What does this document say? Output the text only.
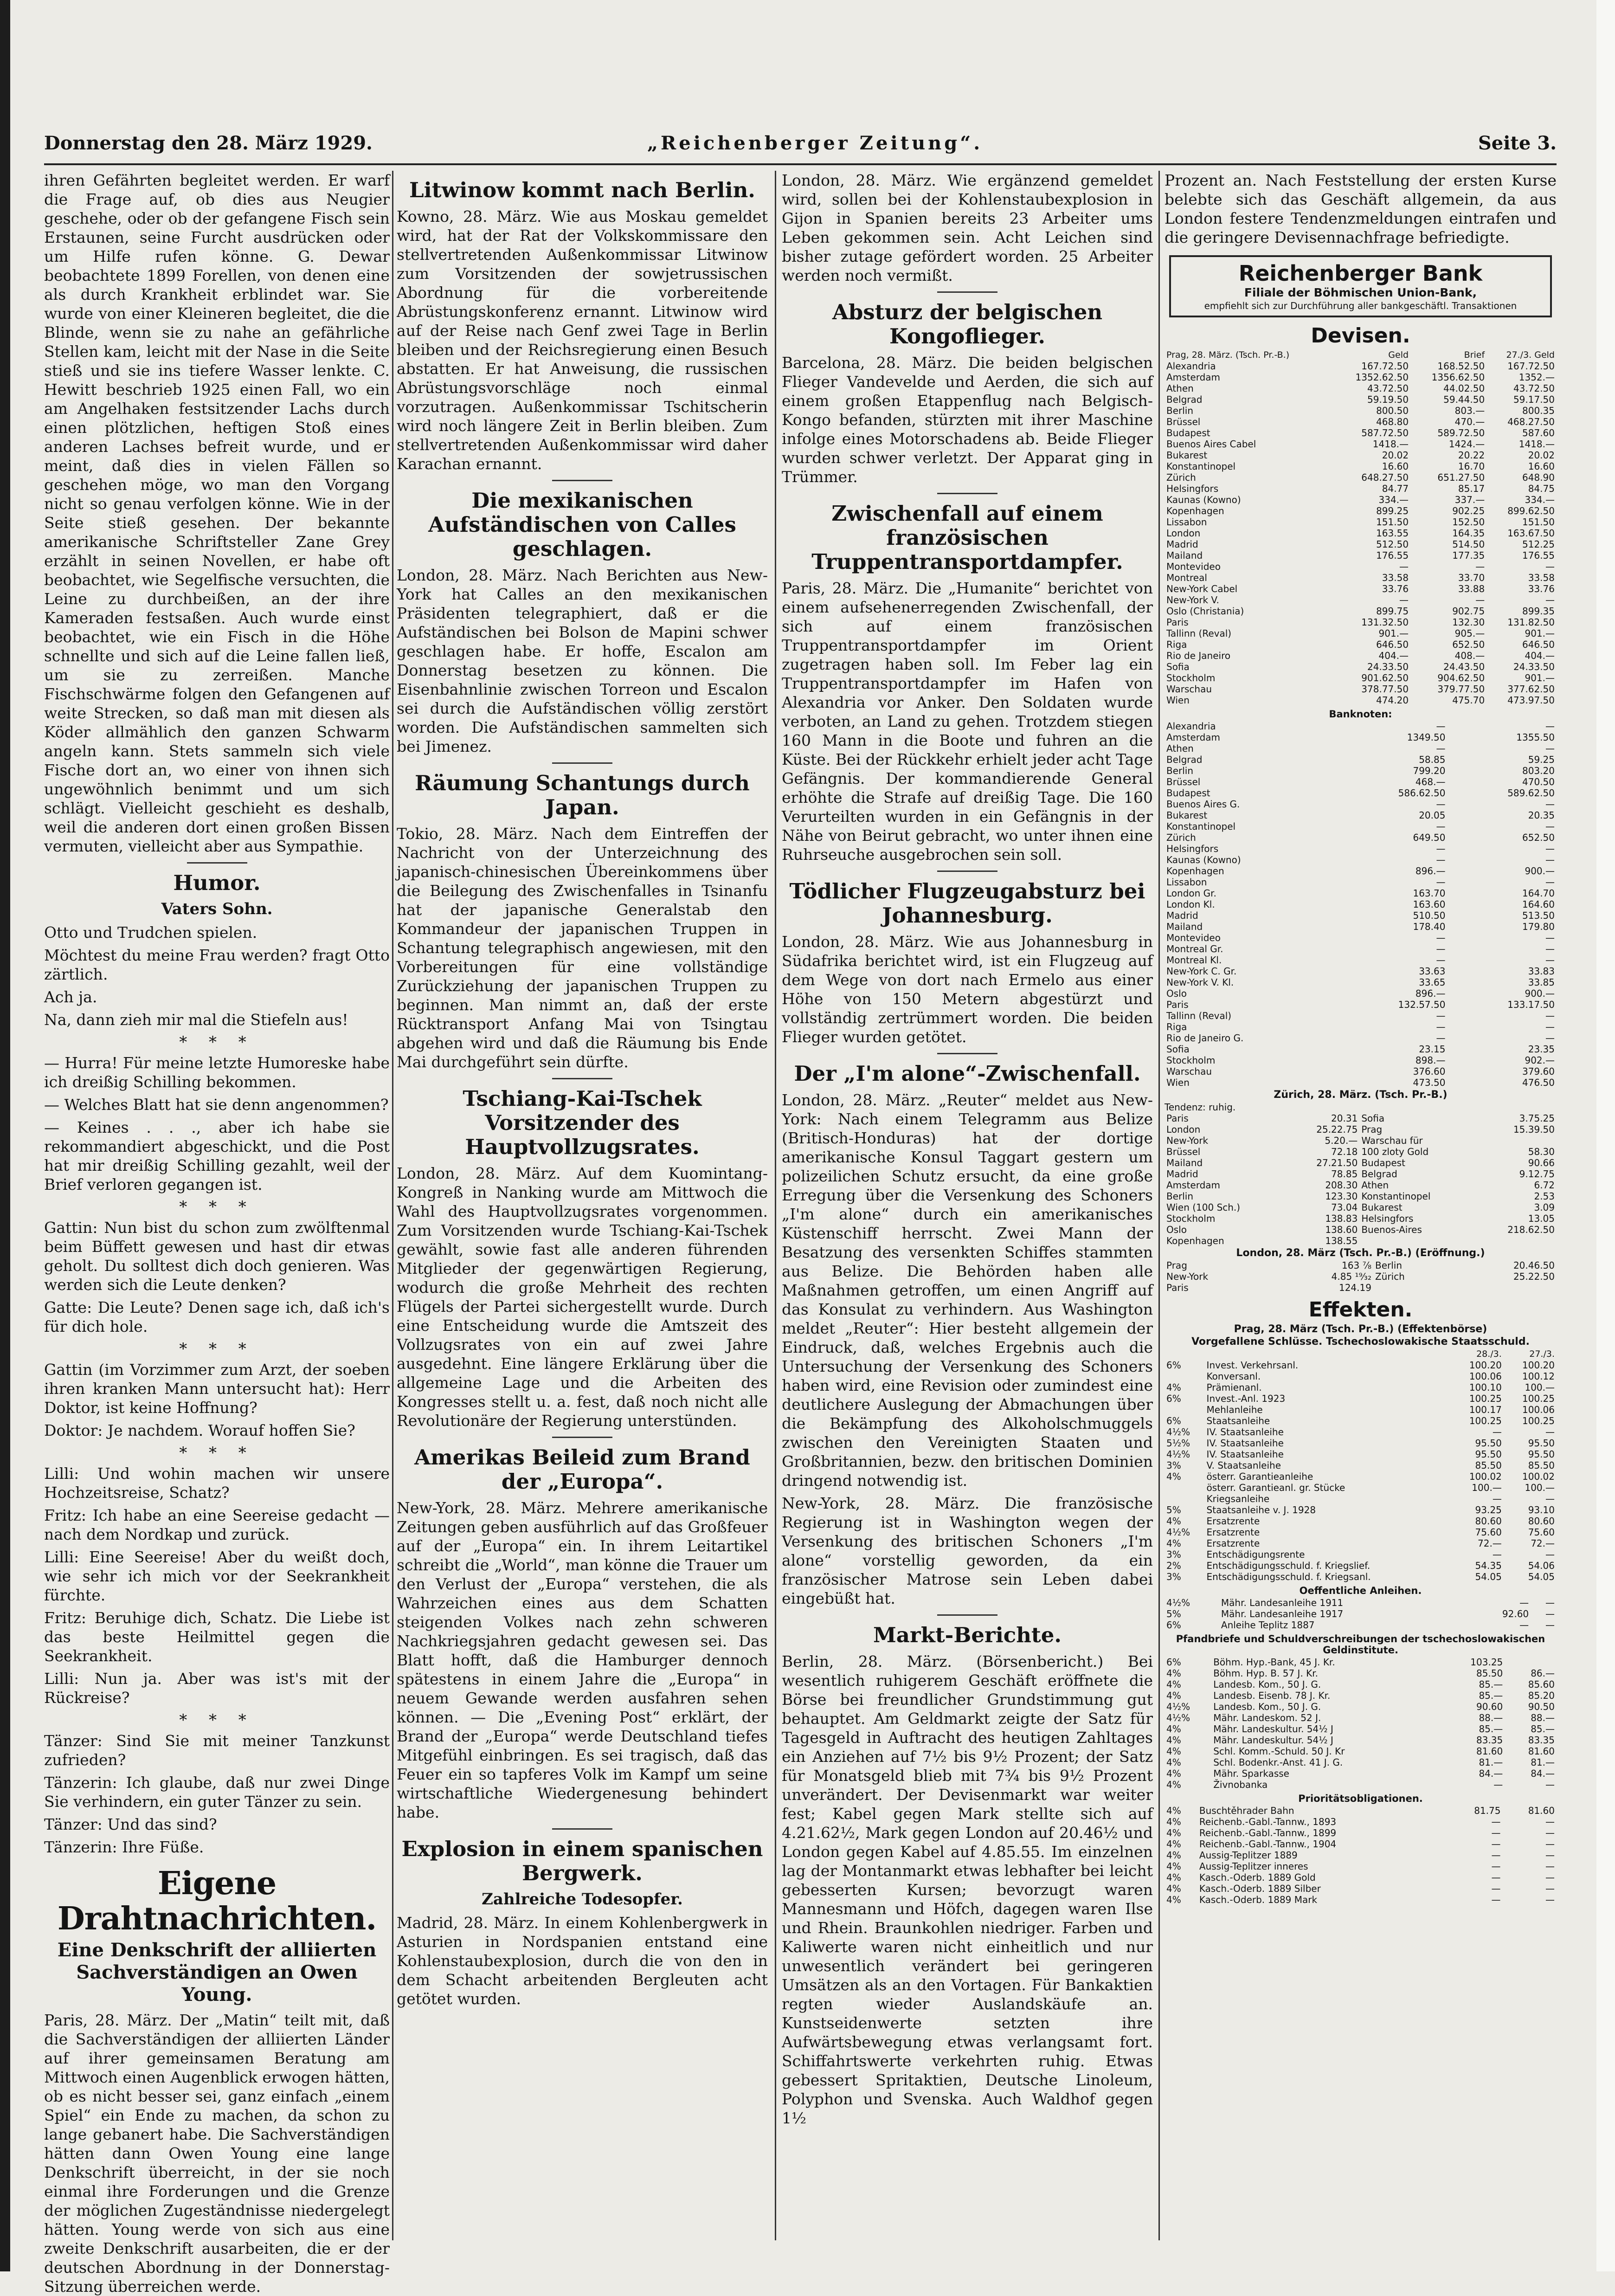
Donnerstag den 28. März 1929.	„Reichenberger Zeitung“.	Seite 3.

ihren Gefährten begleitet werden. Er warf die Frage auf, ob dies aus Neugier geschehe, oder ob der gefangene Fisch sein Erstaunen, seine Furcht ausdrücken oder um Hilfe rufen könne. G. Dewar beobachtete 1899 Forellen, von denen eine als durch Krankheit erblindet war. Sie wurde von einer Kleineren begleitet, die die Blinde, wenn sie zu nahe an gefährliche Stellen kam, leicht mit der Nase in die Seite stieß und sie ins tiefere Wasser lenkte. C. Hewitt beschrieb 1925 einen Fall, wo ein am Angelhaken festsitzender Lachs durch einen plötzlichen, heftigen Stoß eines anderen Lachses befreit wurde, und er meint, daß dies in vielen Fällen so geschehen möge, wo man den Vorgang nicht so genau verfolgen könne. Wie in der Seite stieß gesehen. Der bekannte amerikanische Schriftsteller Zane Grey erzählt in seinen Novellen, er habe oft beobachtet, wie Segelfische versuchten, die Leine zu durchbeißen, an der ihre Kameraden festsaßen. Auch wurde einst beobachtet, wie ein Fisch in die Höhe schnellte und sich auf die Leine fallen ließ, um sie zu zerreißen. Manche Fischschwärme folgen den Gefangenen auf weite Strecken, so daß man mit diesen als Köder allmählich den ganzen Schwarm angeln kann. Stets sammeln sich viele Fische dort an, wo einer von ihnen sich ungewöhnlich benimmt und um sich schlägt. Vielleicht geschieht es deshalb, weil die anderen dort einen großen Bissen vermuten, vielleicht aber aus Sympathie.

Humor.
Vaters Sohn.

Otto und Trudchen spielen.

Möchtest du meine Frau werden? fragt Otto zärtlich.

Ach ja.

Na, dann zieh mir mal die Stiefeln aus!

* * *

— Hurra! Für meine letzte Humoreske habe ich dreißig Schilling bekommen.

— Welches Blatt hat sie denn angenommen?

— Keines . . ., aber ich habe sie rekommandiert abgeschickt, und die Post hat mir dreißig Schilling gezahlt, weil der Brief verloren gegangen ist.

* * *

Gattin: Nun bist du schon zum zwölftenmal beim Büffett gewesen und hast dir etwas geholt. Du solltest dich doch genieren. Was werden sich die Leute denken?

Gatte: Die Leute? Denen sage ich, daß ich's für dich hole.

* * *

Gattin (im Vorzimmer zum Arzt, der soeben ihren kranken Mann untersucht hat): Herr Doktor, ist keine Hoffnung?

Doktor: Je nachdem. Worauf hoffen Sie?

* * *

Lilli: Und wohin machen wir unsere Hochzeitsreise, Schatz?

Fritz: Ich habe an eine Seereise gedacht — nach dem Nordkap und zurück.

Lilli: Eine Seereise! Aber du weißt doch, wie sehr ich mich vor der Seekrankheit fürchte.

Fritz: Beruhige dich, Schatz. Die Liebe ist das beste Heilmittel gegen die Seekrankheit.

Lilli: Nun ja. Aber was ist's mit der Rückreise?

* * *

Tänzer: Sind Sie mit meiner Tanzkunst zufrieden?

Tänzerin: Ich glaube, daß nur zwei Dinge Sie verhindern, ein guter Tänzer zu sein.

Tänzer: Und das sind?

Tänzerin: Ihre Füße.

Eigene Drahtnachrichten.
Eine Denkschrift der alliierten Sachverständigen an Owen Young.

Paris, 28. März. Der „Matin“ teilt mit, daß die Sachverständigen der alliierten Länder auf ihrer gemeinsamen Beratung am Mittwoch einen Augenblick erwogen hätten, ob es nicht besser sei, ganz einfach „einem Spiel“ ein Ende zu machen, da schon zu lange gebanert habe. Die Sachverständigen hätten dann Owen Young eine lange Denkschrift überreicht, in der sie noch einmal ihre Forderungen und die Grenze der möglichen Zugeständnisse niedergelegt hätten. Young werde von sich aus eine zweite Denkschrift ausarbeiten, die er der deutschen Abordnung in der Donnerstag-Sitzung überreichen werde.

Litwinow kommt nach Berlin.

Kowno, 28. März. Wie aus Moskau gemeldet wird, hat der Rat der Volkskommissare den stellvertretenden Außenkommissar Litwinow zum Vorsitzenden der sowjetrussischen Abordnung für die vorbereitende Abrüstungskonferenz ernannt. Litwinow wird auf der Reise nach Genf zwei Tage in Berlin bleiben und der Reichsregierung einen Besuch abstatten. Er hat Anweisung, die russischen Abrüstungsvorschläge noch einmal vorzutragen. Außenkommissar Tschitscherin wird noch längere Zeit in Berlin bleiben. Zum stellvertretenden Außenkommissar wird daher Karachan ernannt.

Die mexikanischen Aufständischen von Calles geschlagen.

London, 28. März. Nach Berichten aus New-York hat Calles an den mexikanischen Präsidenten telegraphiert, daß er die Aufständischen bei Bolson de Mapini schwer geschlagen habe. Er hoffe, Escalon am Donnerstag besetzen zu können. Die Eisenbahnlinie zwischen Torreon und Escalon sei durch die Aufständischen völlig zerstört worden. Die Aufständischen sammelten sich bei Jimenez.

Räumung Schantungs durch Japan.

Tokio, 28. März. Nach dem Eintreffen der Nachricht von der Unterzeichnung des japanisch-chinesischen Übereinkommens über die Beilegung des Zwischenfalles in Tsinanfu hat der japanische Generalstab den Kommandeur der japanischen Truppen in Schantung telegraphisch angewiesen, mit den Vorbereitungen für eine vollständige Zurückziehung der japanischen Truppen zu beginnen. Man nimmt an, daß der erste Rücktransport Anfang Mai von Tsingtau abgehen wird und daß die Räumung bis Ende Mai durchgeführt sein dürfte.

Tschiang-Kai-Tschek Vorsitzender des Hauptvollzugsrates.

London, 28. März. Auf dem Kuomintang-Kongreß in Nanking wurde am Mittwoch die Wahl des Hauptvollzugsrates vorgenommen. Zum Vorsitzenden wurde Tschiang-Kai-Tschek gewählt, sowie fast alle anderen führenden Mitglieder der gegenwärtigen Regierung, wodurch die große Mehrheit des rechten Flügels der Partei sichergestellt wurde. Durch eine Entscheidung wurde die Amtszeit des Vollzugsrates von ein auf zwei Jahre ausgedehnt. Eine längere Erklärung über die allgemeine Lage und die Arbeiten des Kongresses stellt u. a. fest, daß noch nicht alle Revolutionäre der Regierung unterstünden.

Amerikas Beileid zum Brand der „Europa“.

New-York, 28. März. Mehrere amerikanische Zeitungen geben ausführlich auf das Großfeuer auf der „Europa“ ein. In ihrem Leitartikel schreibt die „World“, man könne die Trauer um den Verlust der „Europa“ verstehen, die als Wahrzeichen eines aus dem Schatten steigenden Volkes nach zehn schweren Nachkriegsjahren gedacht gewesen sei. Das Blatt hofft, daß die Hamburger dennoch spätestens in einem Jahre die „Europa“ in neuem Gewande werden ausfahren sehen können. — Die „Evening Post“ erklärt, der Brand der „Europa“ werde Deutschland tiefes Mitgefühl einbringen. Es sei tragisch, daß das Feuer ein so tapferes Volk im Kampf um seine wirtschaftliche Wiedergenesung behindert habe.

Explosion in einem spanischen Bergwerk.
Zahlreiche Todesopfer.

Madrid, 28. März. In einem Kohlenbergwerk in Asturien in Nordspanien entstand eine Kohlenstaubexplosion, durch die von den in dem Schacht arbeitenden Bergleuten acht getötet wurden.

London, 28. März. Wie ergänzend gemeldet wird, sollen bei der Kohlenstaubexplosion in Gijon in Spanien bereits 23 Arbeiter ums Leben gekommen sein. Acht Leichen sind bisher zutage gefördert worden. 25 Arbeiter werden noch vermißt.

Absturz der belgischen Kongoflieger.

Barcelona, 28. März. Die beiden belgischen Flieger Vandevelde und Aerden, die sich auf einem großen Etappenflug nach Belgisch-Kongo befanden, stürzten mit ihrer Maschine infolge eines Motorschadens ab. Beide Flieger wurden schwer verletzt. Der Apparat ging in Trümmer.

Zwischenfall auf einem französischen Truppentransportdampfer.

Paris, 28. März. Die „Humanite“ berichtet von einem aufsehenerregenden Zwischenfall, der sich auf einem französischen Truppentransportdampfer im Orient zugetragen haben soll. Im Feber lag ein Truppentransportdampfer im Hafen von Alexandria vor Anker. Den Soldaten wurde verboten, an Land zu gehen. Trotzdem stiegen 160 Mann in die Boote und fuhren an die Küste. Bei der Rückkehr erhielt jeder acht Tage Gefängnis. Der kommandierende General erhöhte die Strafe auf dreißig Tage. Die 160 Verurteilten wurden in ein Gefängnis in der Nähe von Beirut gebracht, wo unter ihnen eine Ruhrseuche ausgebrochen sein soll.

Tödlicher Flugzeugabsturz bei Johannesburg.

London, 28. März. Wie aus Johannesburg in Südafrika berichtet wird, ist ein Flugzeug auf dem Wege von dort nach Ermelo aus einer Höhe von 150 Metern abgestürzt und vollständig zertrümmert worden. Die beiden Flieger wurden getötet.

Der „I'm alone“-Zwischenfall.

London, 28. März. „Reuter“ meldet aus New-York: Nach einem Telegramm aus Belize (Britisch-Honduras) hat der dortige amerikanische Konsul Taggart gestern um polizeilichen Schutz ersucht, da eine große Erregung über die Versenkung des Schoners „I'm alone“ durch ein amerikanisches Küstenschiff herrscht. Zwei Mann der Besatzung des versenkten Schiffes stammten aus Belize. Die Behörden haben alle Maßnahmen getroffen, um einen Angriff auf das Konsulat zu verhindern. Aus Washington meldet „Reuter“: Hier besteht allgemein der Eindruck, daß, welches Ergebnis auch die Untersuchung der Versenkung des Schoners haben wird, eine Revision oder zumindest eine deutlichere Auslegung der Abmachungen über die Bekämpfung des Alkoholschmuggels zwischen den Vereinigten Staaten und Großbritannien, bezw. den britischen Dominien dringend notwendig ist.

New-York, 28. März. Die französische Regierung ist in Washington wegen der Versenkung des britischen Schoners „I'm alone“ vorstellig geworden, da ein französischer Matrose sein Leben dabei eingebüßt hat.

Markt-Berichte.

Berlin, 28. März. (Börsenbericht.) Bei wesentlich ruhigerem Geschäft eröffnete die Börse bei freundlicher Grundstimmung gut behauptet. Am Geldmarkt zeigte der Satz für Tagesgeld in Auftracht des heutigen Zahltages ein Anziehen auf 7½ bis 9½ Prozent; der Satz für Monatsgeld blieb mit 7¾ bis 9½ Prozent unverändert. Der Devisenmarkt war weiter fest; Kabel gegen Mark stellte sich auf 4.21.62½, Mark gegen London auf 20.46½ und London gegen Kabel auf 4.85.55. Im einzelnen lag der Montanmarkt etwas lebhafter bei leicht gebesserten Kursen; bevorzugt waren Mannesmann und Höfch, dagegen waren Ilse und Rhein. Braunkohlen niedriger. Farben und Kaliwerte waren nicht einheitlich und nur unwesentlich verändert bei geringeren Umsätzen als an den Vortagen. Für Bankaktien regten wieder Auslandskäufe an. Kunstseidenwerte setzten ihre Aufwärtsbewegung etwas verlangsamt fort. Schiffahrtswerte verkehrten ruhig. Etwas gebessert Spritaktien, Deutsche Linoleum, Polyphon und Svenska. Auch Waldhof gegen 1½

Prozent an. Nach Feststellung der ersten Kurse belebte sich das Geschäft allgemein, da aus London festere Tendenzmeldungen eintrafen und die geringere Devisennachfrage befriedigte.

Reichenberger Bank
Filiale der Böhmischen Union-Bank,
empfiehlt sich zur Durchführung aller bankgeschäftl. Transaktionen
Devisen.
Prag, 28. März. (Tsch. Pr.-B.)	Geld	Brief	27./3. Geld
Alexandria	167.72.50	168.52.50	167.72.50
Amsterdam	1352.62.50	1356.62.50	1352.—
Athen	43.72.50	44.02.50	43.72.50
Belgrad	59.19.50	59.44.50	59.17.50
Berlin	800.50	803.—	800.35
Brüssel	468.80	470.—	468.27.50
Budapest	587.72.50	589.72.50	587.60
Buenos Aires Cabel	1418.—	1424.—	1418.—
Bukarest	20.02	20.22	20.02
Konstantinopel	16.60	16.70	16.60
Zürich	648.27.50	651.27.50	648.90
Helsingfors	84.77	85.17	84.75
Kaunas (Kowno)	334.—	337.—	334.—
Kopenhagen	899.25	902.25	899.62.50
Lissabon	151.50	152.50	151.50
London	163.55	164.35	163.67.50
Madrid	512.50	514.50	512.25
Mailand	176.55	177.35	176.55
Montevideo	—	—	—
Montreal	33.58	33.70	33.58
New-York Cabel	33.76	33.88	33.76
New-York V.	—	—	—
Oslo (Christania)	899.75	902.75	899.35
Paris	131.32.50	132.30	131.82.50
Tallinn (Reval)	901.—	905.—	901.—
Riga	646.50	652.50	646.50
Rio de Janeiro	404.—	408.—	404.—
Sofia	24.33.50	24.43.50	24.33.50
Stockholm	901.62.50	904.62.50	901.—
Warschau	378.77.50	379.77.50	377.62.50
Wien	474.20	475.70	473.97.50
Banknoten:
Alexandria	—	—
Amsterdam	1349.50	1355.50
Athen	—	—
Belgrad	58.85	59.25
Berlin	799.20	803.20
Brüssel	468.—	470.50
Budapest	586.62.50	589.62.50
Buenos Aires G.	—	—
Bukarest	20.05	20.35
Konstantinopel	—	—
Zürich	649.50	652.50
Helsingfors	—	—
Kaunas (Kowno)	—	—
Kopenhagen	896.—	900.—
Lissabon	—	—
London Gr.	163.70	164.70
London Kl.	163.60	164.60
Madrid	510.50	513.50
Mailand	178.40	179.80
Montevideo	—	—
Montreal Gr.	—	—
Montreal Kl.	—	—
New-York C. Gr.	33.63	33.83
New-York V. Kl.	33.65	33.85
Oslo	896.—	900.—
Paris	132.57.50	133.17.50
Tallinn (Reval)	—	—
Riga	—	—
Rio de Janeiro G.	—	—
Sofia	23.15	23.35
Stockholm	898.—	902.—
Warschau	376.60	379.60
Wien	473.50	476.50
Zürich, 28. März. (Tsch. Pr.-B.)
Tendenz: ruhig.
Paris	20.31	Sofia	3.75.25
London	25.22.75	Prag	15.39.50
New-York	5.20.—	Warschau für	
Brüssel	72.18	100 zloty Gold	58.30
Mailand	27.21.50	Budapest	90.66
Madrid	78.85	Belgrad	9.12.75
Amsterdam	208.30	Athen	6.72
Berlin	123.30	Konstantinopel	2.53
Wien (100 Sch.)	73.04	Bukarest	3.09
Stockholm	138.83	Helsingfors	13.05
Oslo	138.60	Buenos-Aires	218.62.50
Kopenhagen	138.55		
London, 28. März (Tsch. Pr.-B.) (Eröffnung.)
Prag	163 ⅞	Berlin	20.46.50
New-York	4.85 ¹⁹⁄₃₂	Zürich	25.22.50
Paris	124.19		
Effekten.
Prag, 28. März (Tsch. Pr.-B.) (Effektenbörse)
Vorgefallene Schlüsse. Tschechoslowakische Staatsschuld.
		28./3.	27./3.
6%	Invest. Verkehrsanl.	100.20	100.20
	Konversanl.	100.06	100.12
4%	Prämienanl.	100.10	100.—
6%	Invest.-Anl. 1923	100.25	100.25
	Mehlanleihe	100.17	100.06
6%	Staatsanleihe	100.25	100.25
4½%	IV. Staatsanleihe	—	—
5½%	IV. Staatsanleihe	95.50	95.50
4½%	IV. Staatsanleihe	95.50	95.50
3%	V. Staatsanleihe	85.50	85.50
4%	österr. Garantieanleihe	100.02	100.02
	österr. Garantieanl. gr. Stücke	100.—	100.—
	Kriegsanleihe	—	—
5%	Staatsanleihe v. J. 1928	93.25	93.10
4%	Ersatzrente	80.60	80.60
4½%	Ersatzrente	75.60	75.60
4%	Ersatzrente	72.—	72.—
3%	Entschädigungsrente	—	—
2%	Entschädigungsschuld. f. Kriegslief.	54.35	54.06
3%	Entschädigungsschuld. f. Kriegsanl.	54.05	54.05
Oeffentliche Anleihen.
4½%	Mähr. Landesanleihe 1911	—	—
5%	Mähr. Landesanleihe 1917	92.60	—
6%	Anleihe Teplitz 1887	—	—
Pfandbriefe und Schuldverschreibungen der tschechoslowakischen Geldinstitute.
6%	Böhm. Hyp.-Bank, 45 J. Kr.	103.25	
4%	Böhm. Hyp. B. 57 J. Kr.	85.50	86.—
4%	Landesb. Kom., 50 J. G.	85.—	85.60
4%	Landesb. Eisenb. 78 J. Kr.	85.—	85.20
4½%	Landesb. Kom., 50 J. G.	90.60	90.50
4½%	Mähr. Landeskom. 52 J.	88.—	88.—
4%	Mähr. Landeskultur. 54½ J	85.—	85.—
4%	Mähr. Landeskultur. 54½ J	83.35	83.35
4%	Schl. Komm.-Schuld. 50 J. Kr	81.60	81.60
4%	Schl. Bodenkr.-Anst. 41 J. G.	81.—	81.—
4%	Mähr. Sparkasse	84.—	84.—
4%	Živnobanka	—	—
Prioritätsobligationen.
4%	Buschtěhrader Bahn	81.75	81.60
4%	Reichenb.-Gabl.-Tannw., 1893	—	—
4%	Reichenb.-Gabl.-Tannw., 1899	—	—
4%	Reichenb.-Gabl.-Tannw., 1904	—	—
4%	Aussig-Teplitzer 1889	—	—
4%	Aussig-Teplitzer inneres	—	—
4%	Kasch.-Oderb. 1889 Gold	—	—
4%	Kasch.-Oderb. 1889 Silber	—	—
4%	Kasch.-Oderb. 1889 Mark	—	—
